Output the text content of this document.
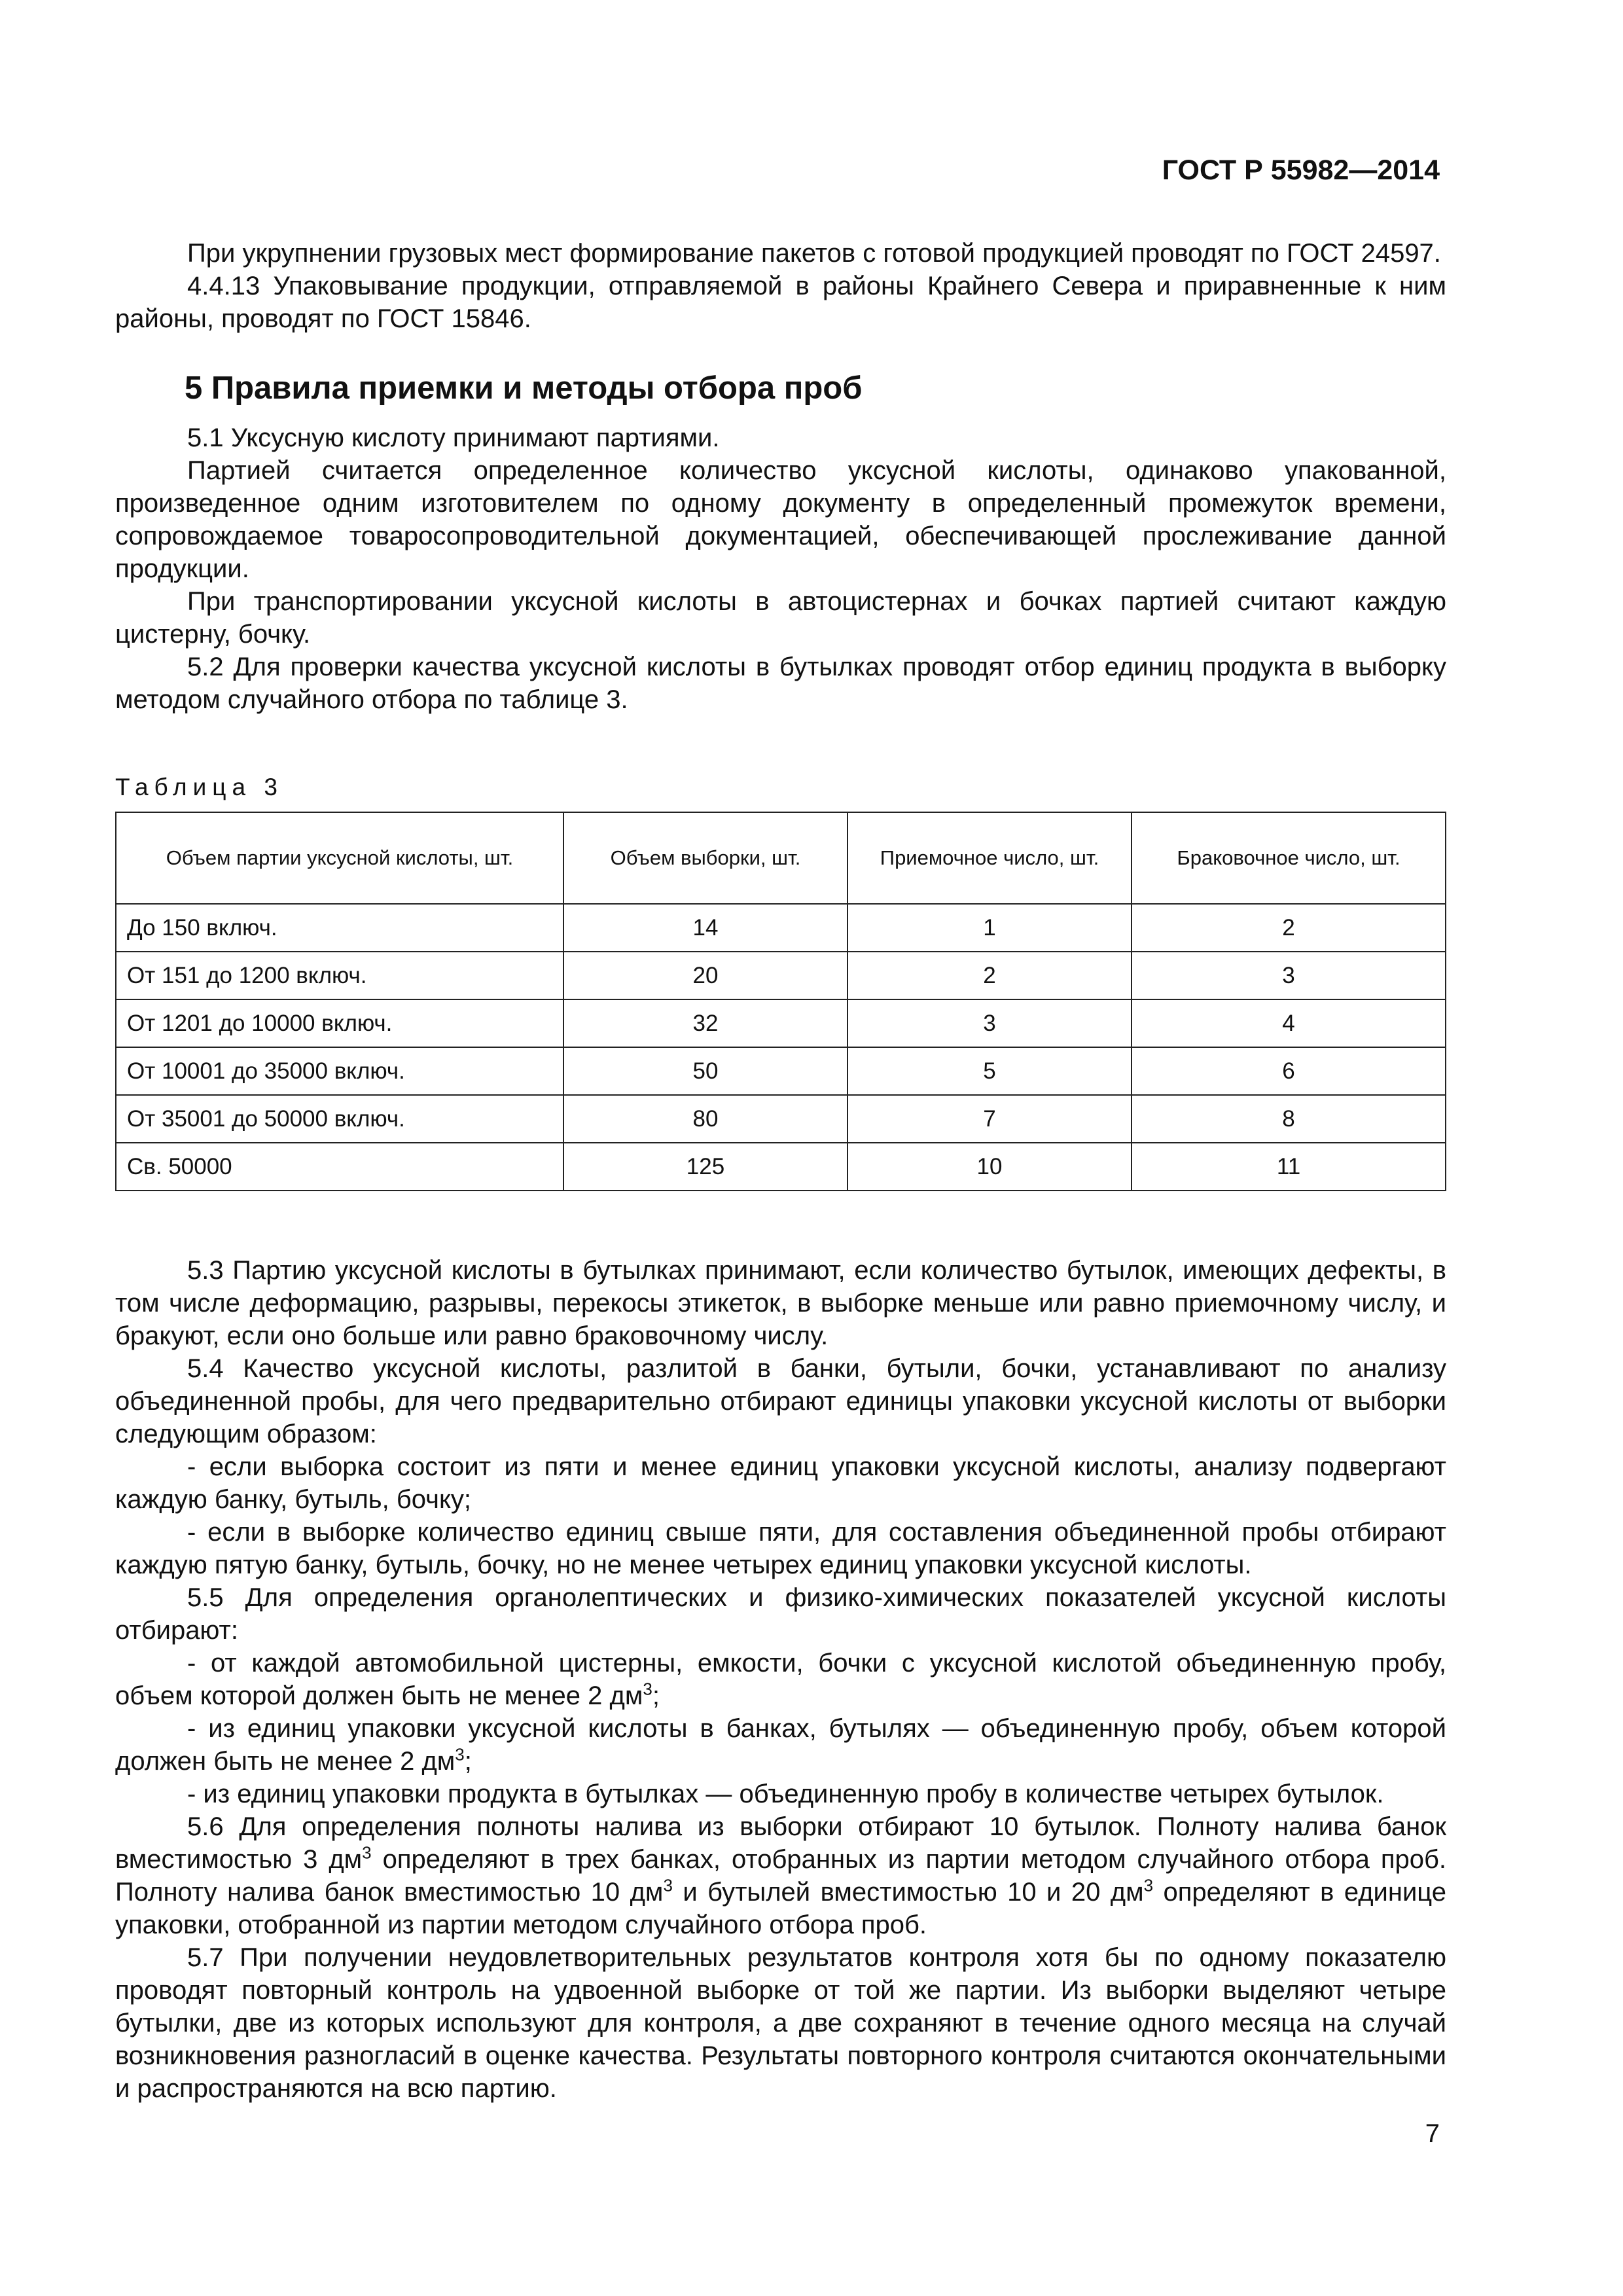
ГОСТ Р 55982—2014

При укрупнении грузовых мест формирование пакетов с готовой продукцией проводят по ГОСТ 24597.

4.4.13 Упаковывание продукции, отправляемой в районы Крайнего Севера и приравненные к ним районы, проводят по ГОСТ 15846.

5 Правила приемки и методы отбора проб

5.1 Уксусную кислоту принимают партиями.

Партией считается определенное количество уксусной кислоты, одинаково упакованной, произведенное одним изготовителем по одному документу в определенный промежуток времени, сопровождаемое товаросопроводительной документацией, обеспечивающей прослеживание данной продукции.

При транспортировании уксусной кислоты в автоцистернах и бочках партией считают каждую цистерну, бочку.

5.2 Для проверки качества уксусной кислоты в бутылках проводят отбор единиц продукта в выборку методом случайного отбора по таблице 3.

Таблица 3
Объем партии уксусной кислоты, шт.	Объем выборки, шт.	Приемочное число, шт.	Браковочное число, шт.
До 150 включ.	14	1	2
От 151 до 1200 включ.	20	2	3
От 1201 до 10000 включ.	32	3	4
От 10001 до 35000 включ.	50	5	6
От 35001 до 50000 включ.	80	7	8
Св. 50000	125	10	11

5.3 Партию уксусной кислоты в бутылках принимают, если количество бутылок, имеющих дефекты, в том числе деформацию, разрывы, перекосы этикеток, в выборке меньше или равно приемочному числу, и бракуют, если оно больше или равно браковочному числу.

5.4 Качество уксусной кислоты, разлитой в банки, бутыли, бочки, устанавливают по анализу объединенной пробы, для чего предварительно отбирают единицы упаковки уксусной кислоты от выборки следующим образом:

- если выборка состоит из пяти и менее единиц упаковки уксусной кислоты, анализу подвергают каждую банку, бутыль, бочку;

- если в выборке количество единиц свыше пяти, для составления объединенной пробы отбирают каждую пятую банку, бутыль, бочку, но не менее четырех единиц упаковки уксусной кислоты.

5.5 Для определения органолептических и физико-химических показателей уксусной кислоты отбирают:

- от каждой автомобильной цистерны, емкости, бочки с уксусной кислотой объединенную пробу, объем которой должен быть не менее 2 $дм^3$;

- из единиц упаковки уксусной кислоты в банках, бутылях — объединенную пробу, объем которой должен быть не менее 2 $дм^3$;

- из единиц упаковки продукта в бутылках — объединенную пробу в количестве четырех бутылок.

5.6 Для определения полноты налива из выборки отбирают 10 бутылок. Полноту налива банок вместимостью 3 $дм^3$ определяют в трех банках, отобранных из партии методом случайного отбора проб. Полноту налива банок вместимостью 10 $дм^3$ и бутылей вместимостью 10 и 20 $дм^3$ определяют в единице упаковки, отобранной из партии методом случайного отбора проб.

5.7 При получении неудовлетворительных результатов контроля хотя бы по одному показателю проводят повторный контроль на удвоенной выборке от той же партии. Из выборки выделяют четыре бутылки, две из которых используют для контроля, а две сохраняют в течение одного месяца на случай возникновения разногласий в оценке качества. Результаты повторного контроля считаются окончательными и распространяются на всю партию.

7
